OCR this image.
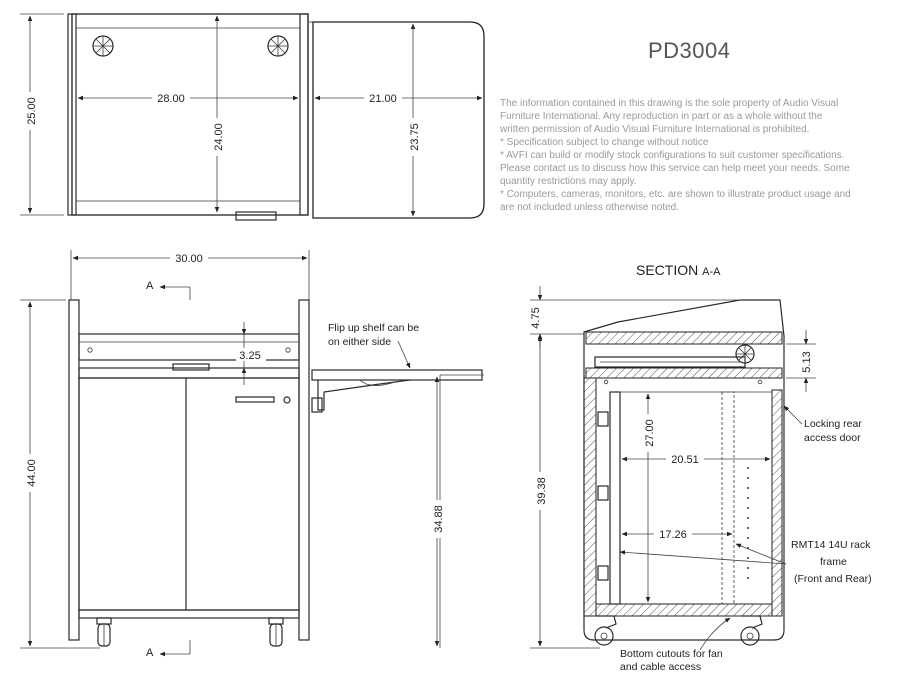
PD3004
The information contained in this drawing is the sole property of Audio Visual
Furniture International. Any reproduction in part or as a whole without the
written permission of Audio Visual Furniture International is prohibited.
* Specification subject to change without notice
* AVFI can build or modify stock configurations to suit customer specifications.
Please contact us to discuss how this service can help meet your needs. Some
quantity restrictions may apply.
* Computers, cameras, monitors, etc. are shown to illustrate product usage and
are not included unless otherwise noted.
SECTION A-A
28.00
24.00
25.00	21.00
23.75
30.00
44.00
3.25
A
A
34.88
Flip up shelf can be
on either side
4.75
39.38
5.13
27.00
20.51
17.26
Locking rear
access door
RMT14 14U rack
frame
(Front and Rear)
Bottom cutouts for fan
and cable access
